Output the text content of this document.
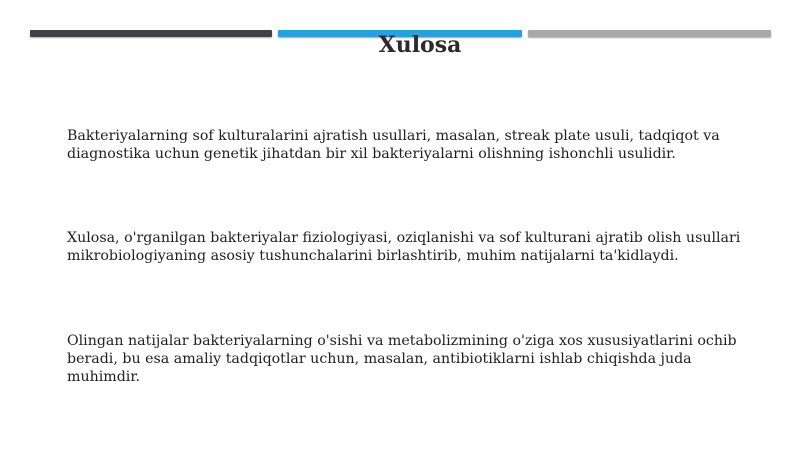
Xulosa
Bakteriyalarning sof kulturalarini ajratish usullari, masalan, streak plate usuli, tadqiqot va diagnostika uchun genetik jihatdan bir xil bakteriyalarni olishning ishonchli usulidir.
Xulosa, o'rganilgan bakteriyalar fiziologiyasi, oziqlanishi va sof kulturani ajratib olish usullari mikrobiologiyaning asosiy tushunchalarini birlashtirib, muhim natijalarni ta'kidlaydi.
Olingan natijalar bakteriyalarning o'sishi va metabolizmining o'ziga xos xususiyatlarini ochib beradi, bu esa amaliy tadqiqotlar uchun, masalan, antibiotiklarni ishlab chiqishda juda muhimdir.
